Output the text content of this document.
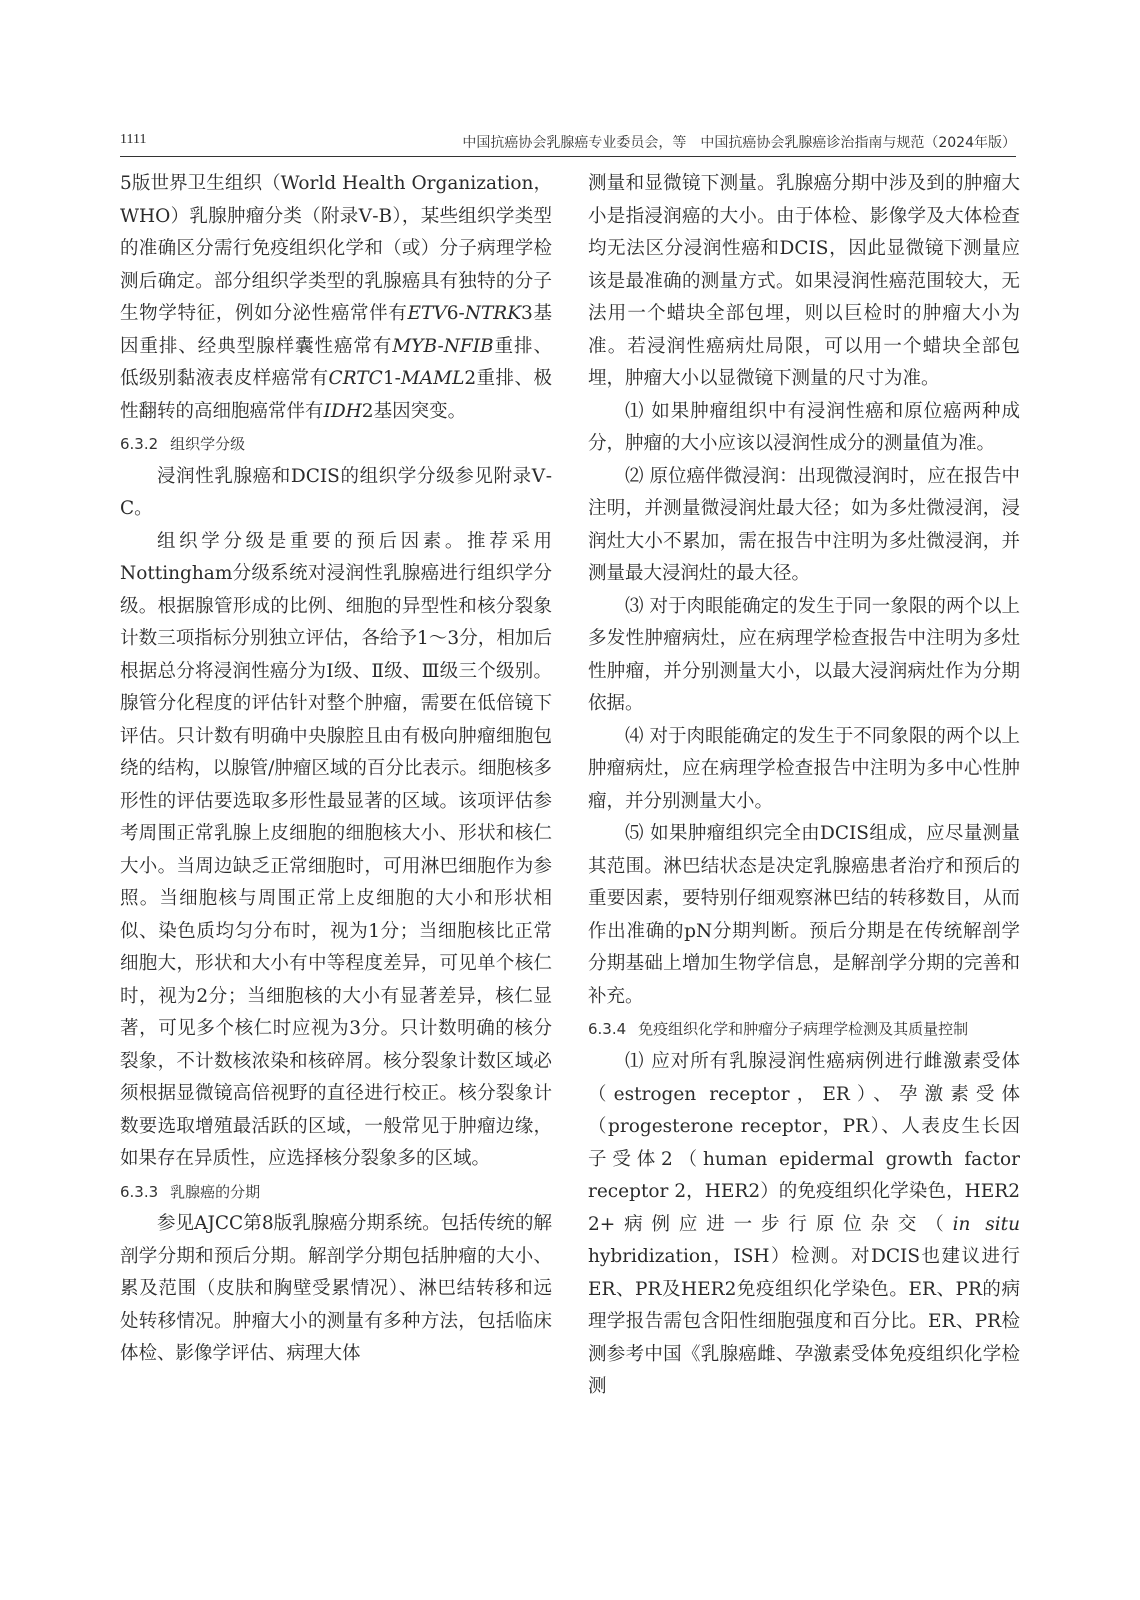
1111	中国抗癌协会乳腺癌专业委员会，等　中国抗癌协会乳腺癌诊治指南与规范（2024年版）

5版世界卫生组织（World Health Organization，WHO）乳腺肿瘤分类（附录Ⅴ-B），某些组织学类型的准确区分需行免疫组织化学和（或）分子病理学检测后确定。部分组织学类型的乳腺癌具有独特的分子生物学特征，例如分泌性癌常伴有ETV6-NTRK3基因重排、经典型腺样囊性癌常有MYB-NFIB重排、低级别黏液表皮样癌常有CRTC1-MAML2重排、极性翻转的高细胞癌常伴有IDH2基因突变。

6.3.2 组织学分级

浸润性乳腺癌和DCIS的组织学分级参见附录Ⅴ-C。

组织学分级是重要的预后因素。推荐采用Nottingham分级系统对浸润性乳腺癌进行组织学分级。根据腺管形成的比例、细胞的异型性和核分裂象计数三项指标分别独立评估，各给予1～3分，相加后根据总分将浸润性癌分为Ⅰ级、Ⅱ级、Ⅲ级三个级别。腺管分化程度的评估针对整个肿瘤，需要在低倍镜下评估。只计数有明确中央腺腔且由有极向肿瘤细胞包绕的结构，以腺管/肿瘤区域的百分比表示。细胞核多形性的评估要选取多形性最显著的区域。该项评估参考周围正常乳腺上皮细胞的细胞核大小、形状和核仁大小。当周边缺乏正常细胞时，可用淋巴细胞作为参照。当细胞核与周围正常上皮细胞的大小和形状相似、染色质均匀分布时，视为1分；当细胞核比正常细胞大，形状和大小有中等程度差异，可见单个核仁时，视为2分；当细胞核的大小有显著差异，核仁显著，可见多个核仁时应视为3分。只计数明确的核分裂象，不计数核浓染和核碎屑。核分裂象计数区域必须根据显微镜高倍视野的直径进行校正。核分裂象计数要选取增殖最活跃的区域，一般常见于肿瘤边缘，如果存在异质性，应选择核分裂象多的区域。

6.3.3 乳腺癌的分期

参见AJCC第8版乳腺癌分期系统。包括传统的解剖学分期和预后分期。解剖学分期包括肿瘤的大小、累及范围（皮肤和胸壁受累情况）、淋巴结转移和远处转移情况。肿瘤大小的测量有多种方法，包括临床体检、影像学评估、病理大体

测量和显微镜下测量。乳腺癌分期中涉及到的肿瘤大小是指浸润癌的大小。由于体检、影像学及大体检查均无法区分浸润性癌和DCIS，因此显微镜下测量应该是最准确的测量方式。如果浸润性癌范围较大，无法用一个蜡块全部包埋，则以巨检时的肿瘤大小为准。若浸润性癌病灶局限，可以用一个蜡块全部包埋，肿瘤大小以显微镜下测量的尺寸为准。

⑴ 如果肿瘤组织中有浸润性癌和原位癌两种成分，肿瘤的大小应该以浸润性成分的测量值为准。

⑵ 原位癌伴微浸润：出现微浸润时，应在报告中注明，并测量微浸润灶最大径；如为多灶微浸润，浸润灶大小不累加，需在报告中注明为多灶微浸润，并测量最大浸润灶的最大径。

⑶ 对于肉眼能确定的发生于同一象限的两个以上多发性肿瘤病灶，应在病理学检查报告中注明为多灶性肿瘤，并分别测量大小，以最大浸润病灶作为分期依据。

⑷ 对于肉眼能确定的发生于不同象限的两个以上肿瘤病灶，应在病理学检查报告中注明为多中心性肿瘤，并分别测量大小。

⑸ 如果肿瘤组织完全由DCIS组成，应尽量测量其范围。淋巴结状态是决定乳腺癌患者治疗和预后的重要因素，要特别仔细观察淋巴结的转移数目，从而作出准确的pN分期判断。预后分期是在传统解剖学分期基础上增加生物学信息，是解剖学分期的完善和补充。

6.3.4 免疫组织化学和肿瘤分子病理学检测及其质量控制

⑴ 应对所有乳腺浸润性癌病例进行雌激素受体（estrogen receptor，ER）、孕激素受体（progesterone receptor，PR）、人表皮生长因子受体2（human epidermal growth factor receptor 2，HER2）的免疫组织化学染色，HER2 2+病例应进一步行原位杂交（in situ hybridization，ISH）检测。对DCIS也建议进行ER、PR及HER2免疫组织化学染色。ER、PR的病理学报告需包含阳性细胞强度和百分比。ER、PR检测参考中国《乳腺癌雌、孕激素受体免疫组织化学检测
